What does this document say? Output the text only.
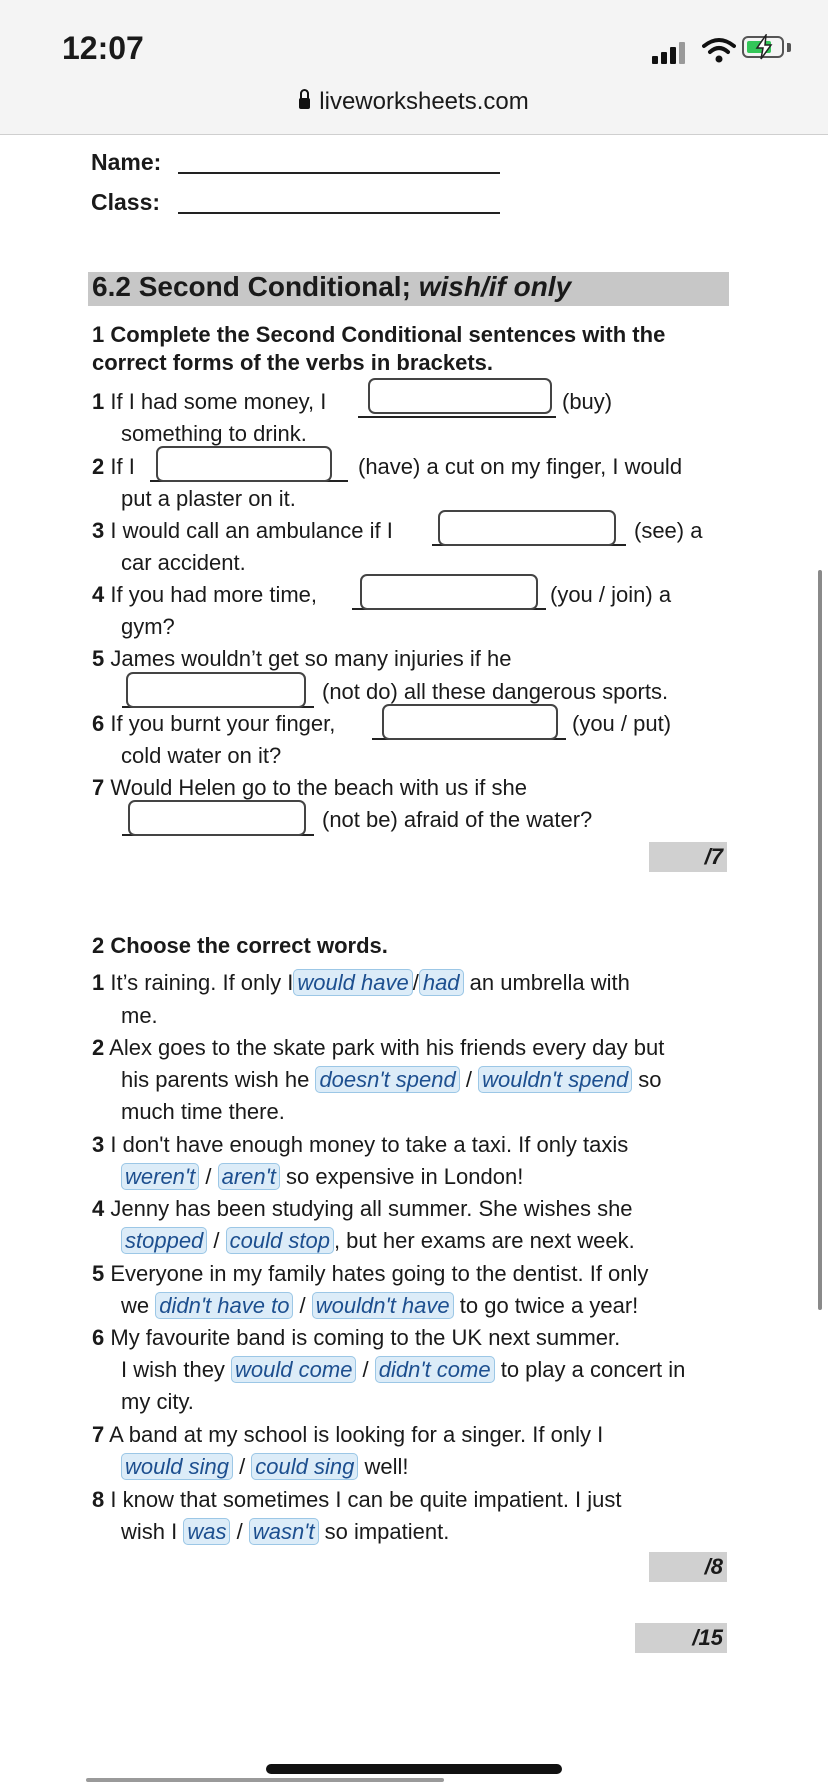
12:07
liveworksheets.com
Name:
Class:
6.2 Second Conditional; wish/if only
1 Complete the Second Conditional sentences with the
correct forms of the verbs in brackets.
1 If I had some money, I	(buy)
something to drink.
2 If I	(have) a cut on my finger, I would
put a plaster on it.
3 I would call an ambulance if I	(see) a
car accident.
4 If you had more time,	(you / join) a
gym?
5 James wouldn’t get so many injuries if he
(not do) all these dangerous sports.
6 If you burnt your finger,	(you / put)
cold water on it?
7 Would Helen go to the beach with us if she
(not be) afraid of the water?
/7
2 Choose the correct words.
1 It’s raining. If only I would have / had an umbrella with
me.
2 Alex goes to the skate park with his friends every day but
his parents wish he doesn't spend / wouldn't spend so
much time there.
3 I don't have enough money to take a taxi. If only taxis
weren't / aren't so expensive in London!
4 Jenny has been studying all summer. She wishes she
stopped / could stop , but her exams are next week.
5 Everyone in my family hates going to the dentist. If only
we didn't have to / wouldn't have to go twice a year!
6 My favourite band is coming to the UK next summer.
I wish they would come / didn't come to play a concert in
my city.
7 A band at my school is looking for a singer. If only I
would sing / could sing well!
8 I know that sometimes I can be quite impatient. I just
wish I was / wasn't so impatient.
/8
/15
